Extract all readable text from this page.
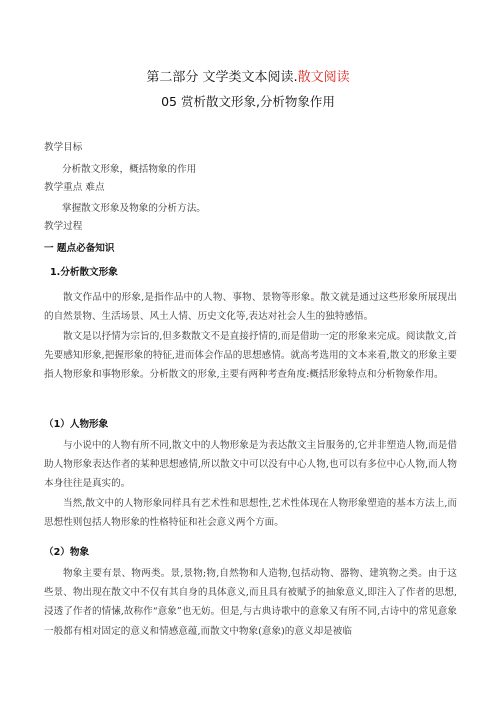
第二部分 文学类文本阅读.散文阅读
05 赏析散文形象,分析物象作用
教学目标
分析散文形象，概括物象的作用
教学重点 难点
掌握散文形象及物象的分析方法。
教学过程
一 题点必备知识
1.分析散文形象

散文作品中的形象,是指作品中的人物、事物、景物等形象。散文就是通过这些形象所展现出的自然景物、生活场景、风土人情、历史文化等,表达对社会人生的独特感悟。

散文是以抒情为宗旨的,但多数散文不是直接抒情的,而是借助一定的形象来完成。阅读散文,首先要感知形象,把握形象的特征,进而体会作品的思想感情。就高考选用的文本来看,散文的形象主要指人物形象和事物形象。分析散文的形象,主要有两种考查角度:概括形象特点和分析物象作用。

（1）人物形象

与小说中的人物有所不同,散文中的人物形象是为表达散文主旨服务的,它并非塑造人物,而是借助人物形象表达作者的某种思想感情,所以散文中可以没有中心人物,也可以有多位中心人物,而人物本身往往是真实的。

当然,散文中的人物形象同样具有艺术性和思想性,艺术性体现在人物形象塑造的基本方法上,而思想性则包括人物形象的性格特征和社会意义两个方面。

（2）物象

物象主要有景、物两类。景,景物;物,自然物和人造物,包括动物、器物、建筑物之类。由于这些景、物出现在散文中不仅有其自身的具体意义,而且具有被赋予的抽象意义,即注入了作者的思想,浸透了作者的情愫,故称作“意象”也无妨。但是,与古典诗歌中的意象又有所不同,古诗中的常见意象一般都有相对固定的意义和情感意蕴,而散文中物象(意象)的意义却是被临
